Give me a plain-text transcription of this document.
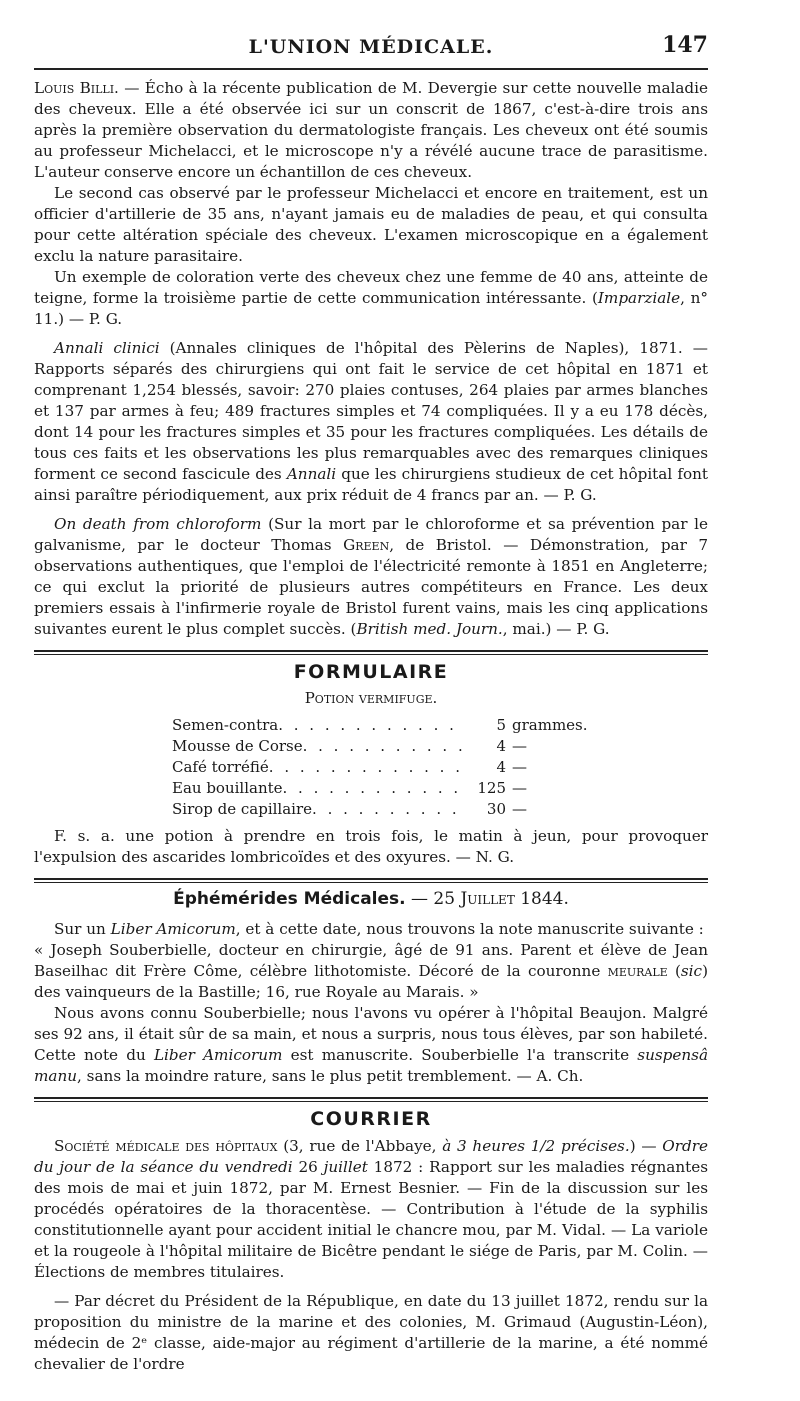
L'UNION MÉDICALE.	147

Louis Billi. — Écho à la récente publication de M. Devergie sur cette nouvelle maladie des cheveux. Elle a été observée ici sur un conscrit de 1867, c'est-à-dire trois ans après la première observation du dermatologiste français. Les cheveux ont été soumis au professeur Michelacci, et le microscope n'y a révélé aucune trace de parasitisme. L'auteur conserve encore un échantillon de ces cheveux.

Le second cas observé par le professeur Michelacci et encore en traitement, est un officier d'artillerie de 35 ans, n'ayant jamais eu de maladies de peau, et qui consulta pour cette altération spéciale des cheveux. L'examen microscopique en a également exclu la nature parasitaire.

Un exemple de coloration verte des cheveux chez une femme de 40 ans, atteinte de teigne, forme la troisième partie de cette communication intéressante. (Imparziale, n° 11.) — P. G.

Annali clinici (Annales cliniques de l'hôpital des Pèlerins de Naples), 1871. — Rapports séparés des chirurgiens qui ont fait le service de cet hôpital en 1871 et comprenant 1,254 blessés, savoir: 270 plaies contuses, 264 plaies par armes blanches et 137 par armes à feu; 489 fractures simples et 74 compliquées. Il y a eu 178 décès, dont 14 pour les fractures simples et 35 pour les fractures compliquées. Les détails de tous ces faits et les observations les plus remarquables avec des remarques cliniques forment ce second fascicule des Annali que les chirurgiens studieux de cet hôpital font ainsi paraître périodiquement, aux prix réduit de 4 francs par an. — P. G.

On death from chloroform (Sur la mort par le chloroforme et sa prévention par le galvanisme, par le docteur Thomas Green, de Bristol. — Démonstration, par 7 observations authentiques, que l'emploi de l'électricité remonte à 1851 en Angleterre; ce qui exclut la priorité de plusieurs autres compétiteurs en France. Les deux premiers essais à l'infirmerie royale de Bristol furent vains, mais les cinq applications suivantes eurent le plus complet succès. (British med. Journ., mai.) — P. G.

FORMULAIRE
Potion vermifuge.
Semen-contra . . .	5 grammes.
Mousse de Corse . . .	4 —
Café torréfié . . .	4 —
Eau bouillante . . .	125 —
Sirop de capillaire . . .	30 —

F. s. a. une potion à prendre en trois fois, le matin à jeun, pour provoquer l'expulsion des ascarides lombricoïdes et des oxyures. — N. G.

Éphémérides Médicales. — 25 Juillet 1844.

Sur un Liber Amicorum, et à cette date, nous trouvons la note manuscrite suivante :

« Joseph Souberbielle, docteur en chirurgie, âgé de 91 ans. Parent et élève de Jean Baseilhac dit Frère Côme, célèbre lithotomiste. Décoré de la couronne meurale (sic) des vainqueurs de la Bastille; 16, rue Royale au Marais. »

Nous avons connu Souberbielle; nous l'avons vu opérer à l'hôpital Beaujon. Malgré ses 92 ans, il était sûr de sa main, et nous a surpris, nous tous élèves, par son habileté. Cette note du Liber Amicorum est manuscrite. Souberbielle l'a transcrite suspensâ manu, sans la moindre rature, sans le plus petit tremblement. — A. Ch.

COURRIER

Société médicale des hôpitaux (3, rue de l'Abbaye, à 3 heures 1/2 précises.) — Ordre du jour de la séance du vendredi 26 juillet 1872 : Rapport sur les maladies régnantes des mois de mai et juin 1872, par M. Ernest Besnier. — Fin de la discussion sur les procédés opératoires de la thoracentèse. — Contribution à l'étude de la syphilis constitutionnelle ayant pour accident initial le chancre mou, par M. Vidal. — La variole et la rougeole à l'hôpital militaire de Bicêtre pendant le siége de Paris, par M. Colin. — Élections de membres titulaires.

— Par décret du Président de la République, en date du 13 juillet 1872, rendu sur la proposition du ministre de la marine et des colonies, M. Grimaud (Augustin-Léon), médecin de 2ᵉ classe, aide-major au régiment d'artillerie de la marine, a été nommé chevalier de l'ordre
